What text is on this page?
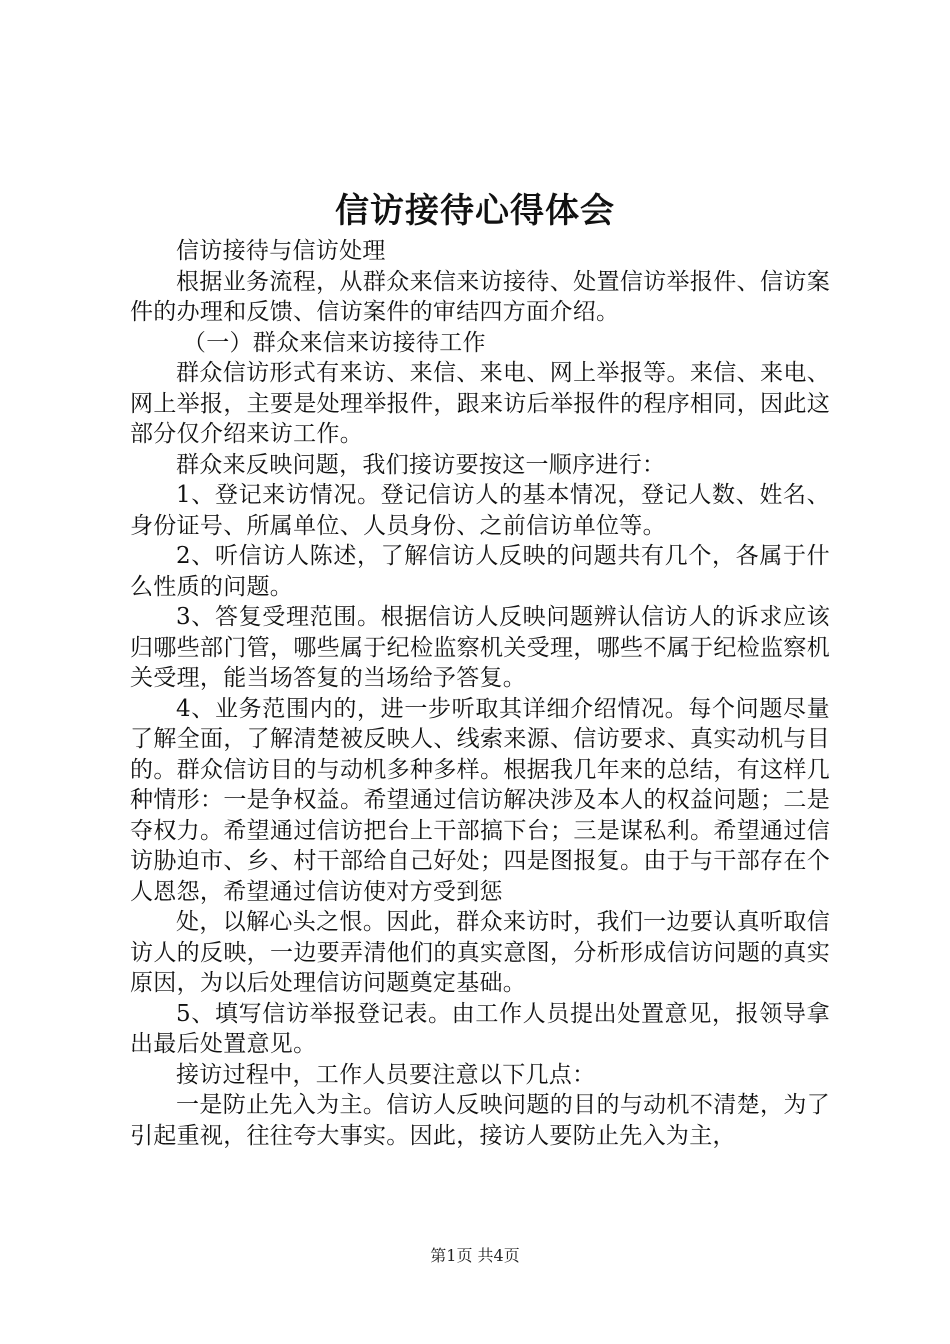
信访接待心得体会

信访接待与信访处理

根据业务流程，从群众来信来访接待、处置信访举报件、信访案件的办理和反馈、信访案件的审结四方面介绍。

（一）群众来信来访接待工作

群众信访形式有来访、来信、来电、网上举报等。来信、来电、网上举报，主要是处理举报件，跟来访后举报件的程序相同，因此这部分仅介绍来访工作。

群众来反映问题，我们接访要按这一顺序进行：

1、登记来访情况。登记信访人的基本情况，登记人数、姓名、身份证号、所属单位、人员身份、之前信访单位等。

2、听信访人陈述，了解信访人反映的问题共有几个，各属于什么性质的问题。

3、答复受理范围。根据信访人反映问题辨认信访人的诉求应该归哪些部门管，哪些属于纪检监察机关受理，哪些不属于纪检监察机关受理，能当场答复的当场给予答复。

4、业务范围内的，进一步听取其详细介绍情况。每个问题尽量了解全面，了解清楚被反映人、线索来源、信访要求、真实动机与目的。群众信访目的与动机多种多样。根据我几年来的总结，有这样几种情形：一是争权益。希望通过信访解决涉及本人的权益问题；二是夺权力。希望通过信访把台上干部搞下台；三是谋私利。希望通过信访胁迫市、乡、村干部给自己好处；四是图报复。由于与干部存在个人恩怨，希望通过信访使对方受到惩

处，以解心头之恨。因此，群众来访时，我们一边要认真听取信访人的反映，一边要弄清他们的真实意图，分析形成信访问题的真实原因，为以后处理信访问题奠定基础。

5、填写信访举报登记表。由工作人员提出处置意见，报领导拿出最后处置意见。

接访过程中，工作人员要注意以下几点：

一是防止先入为主。信访人反映问题的目的与动机不清楚，为了引起重视，往往夸大事实。因此，接访人要防止先入为主，

第1页 共4页
